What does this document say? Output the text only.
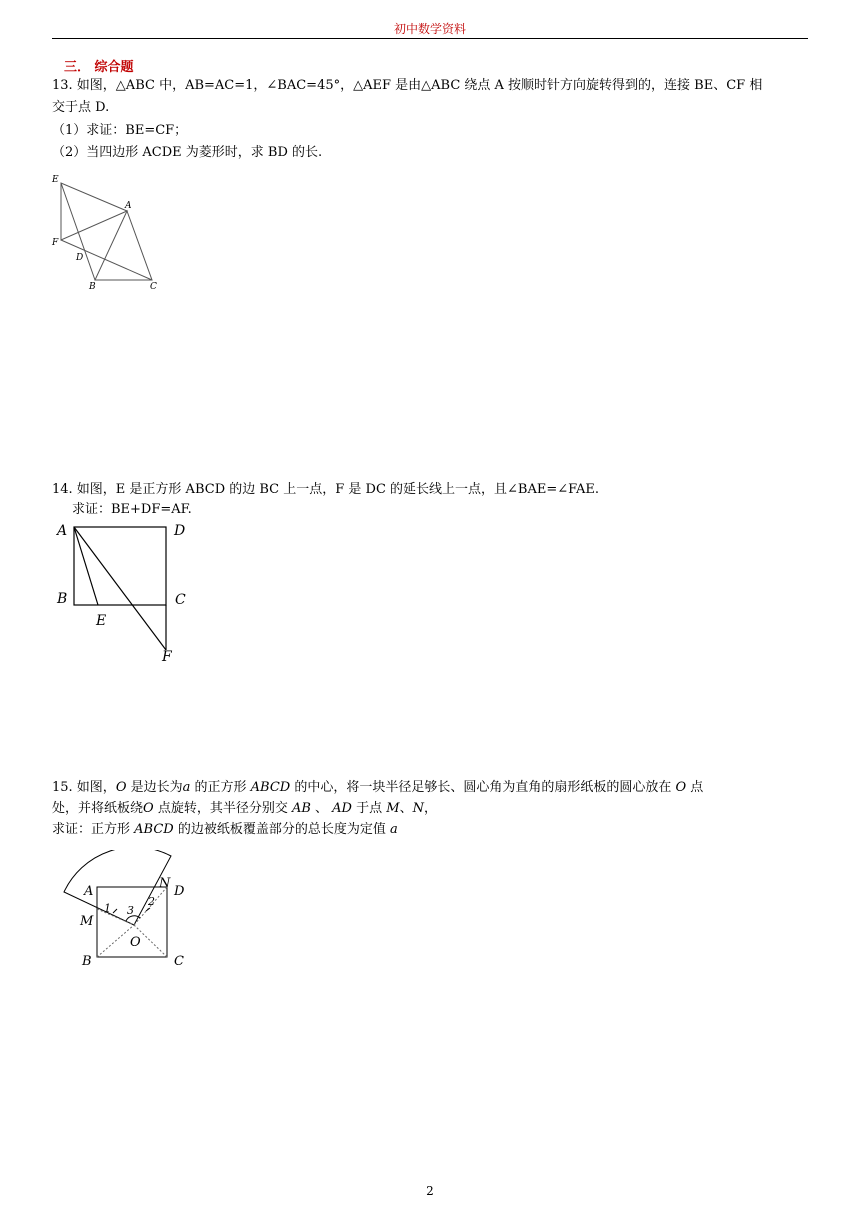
初中数学资料
三． 综合题
13. 如图，△ABC 中，AB=AC=1，∠BAC=45°，△AEF 是由△ABC 绕点 A 按顺时针方向旋转得到的，连接 BE、CF 相
交于点 D.
（1）求证：BE=CF；
（2）当四边形 ACDE 为菱形时，求 BD 的长.
E
A
F
D
B	C
14. 如图，E 是正方形 ABCD 的边 BC 上一点，F 是 DC 的延长线上一点，且∠BAE=∠FAE.
求证：BE+DF=AF.
A	D
B	C
E
F
15. 如图，O 是边长为a 的正方形 ABCD 的中心，将一块半径足够长、圆心角为直角的扇形纸板的圆心放在 O 点
处，并将纸板绕O 点旋转，其半径分别交 AB 、 AD 于点 M、N，
求证：正方形 ABCD 的边被纸板覆盖部分的总长度为定值 a
A	D
N
M
O
B	C
1
2
3
2
